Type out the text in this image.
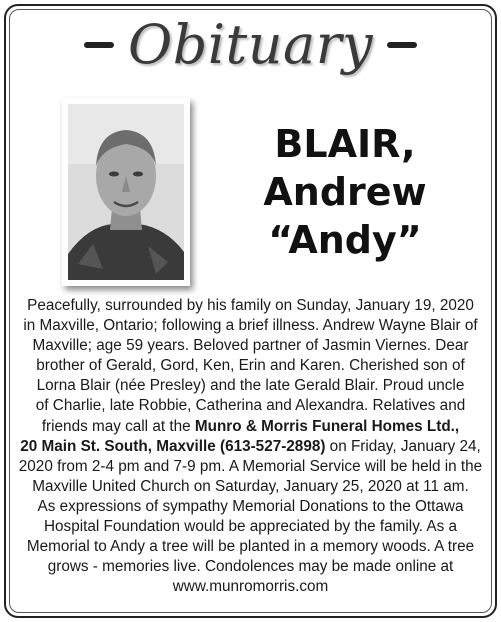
Obituary
BLAIR,
Andrew
“Andy”
Peacefully, surrounded by his family on Sunday, January 19, 2020
in Maxville, Ontario; following a brief illness. Andrew Wayne Blair of
Maxville; age 59 years. Beloved partner of Jasmin Viernes. Dear
brother of Gerald, Gord, Ken, Erin and Karen. Cherished son of
Lorna Blair (née Presley) and the late Gerald Blair. Proud uncle
of Charlie, late Robbie, Catherina and Alexandra. Relatives and
friends may call at the Munro & Morris Funeral Homes Ltd.,
20 Main St. South, Maxville (613-527-2898) on Friday, January 24,
2020 from 2-4 pm and 7-9 pm. A Memorial Service will be held in the
Maxville United Church on Saturday, January 25, 2020 at 11 am.
As expressions of sympathy Memorial Donations to the Ottawa
Hospital Foundation would be appreciated by the family. As a
Memorial to Andy a tree will be planted in a memory woods. A tree
grows - memories live. Condolences may be made online at
www.munromorris.com
